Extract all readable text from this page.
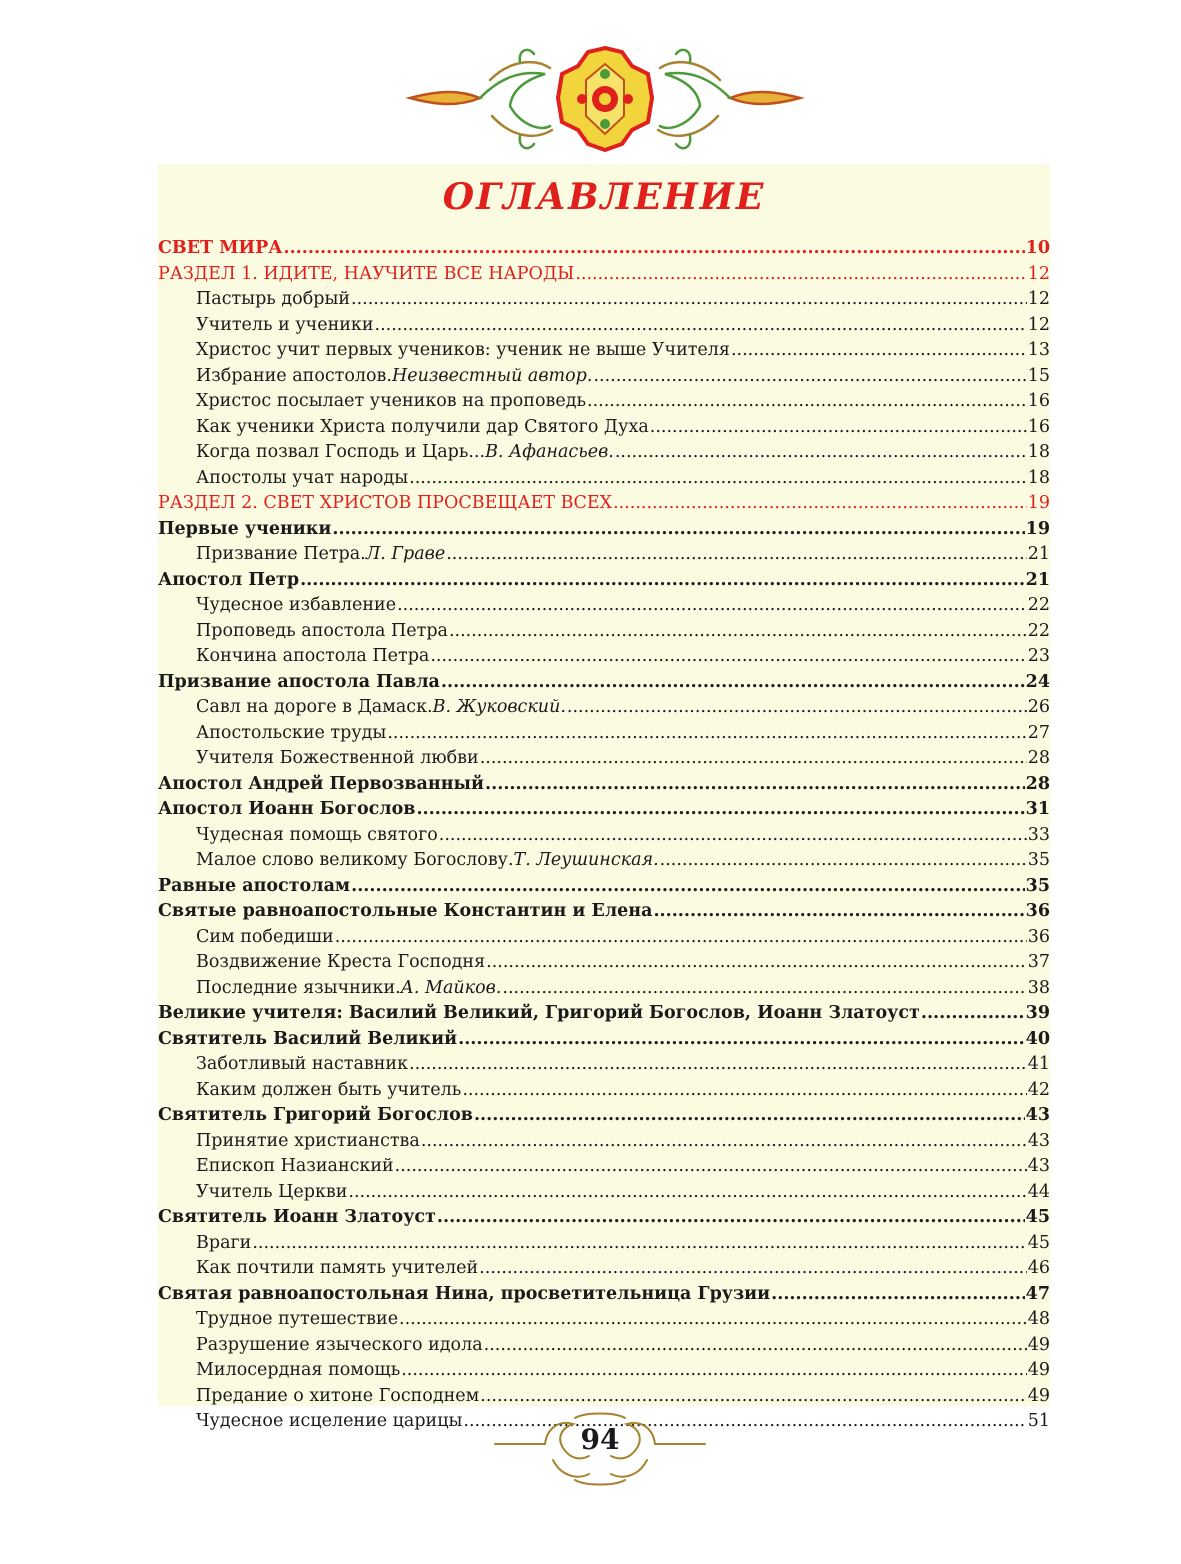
ОГЛАВЛЕНИЕ
СВЕТ МИРА .....	10
РАЗДЕЛ 1. ИДИТЕ, НАУЧИТЕ ВСЕ НАРОДЫ .....	12
Пастырь добрый .....	12
Учитель и ученики .....	12
Христос учит первых учеников: ученик не выше Учителя .....	13
Избрание апостолов. Неизвестный автор. .....	15
Христос посылает учеников на проповедь .....	16
Как ученики Христа получили дар Святого Духа .....	16
Когда позвал Господь и Царь... В. Афанасьев. .....	18
Апостолы учат народы .....	18
РАЗДЕЛ 2. СВЕТ ХРИСТОВ ПРОСВЕЩАЕТ ВСЕХ .....	19
Первые ученики .....	19
Призвание Петра. Л. Граве .....	21
Апостол Петр .....	21
Чудесное избавление .....	22
Проповедь апостола Петра .....	22
Кончина апостола Петра .....	23
Призвание апостола Павла .....	24
Савл на дороге в Дамаск. В. Жуковский. .....	26
Апостольские труды .....	27
Учителя Божественной любви .....	28
Апостол Андрей Первозванный .....	28
Апостол Иоанн Богослов .....	31
Чудесная помощь святого .....	33
Малое слово великому Богослову. Т. Леушинская. .....	35
Равные апостолам .....	35
Святые равноапостольные Константин и Елена .....	36
Сим победиши .....	36
Воздвижение Креста Господня .....	37
Последние язычники. А. Майков. .....	38
Великие учителя: Василий Великий, Григорий Богослов, Иоанн Златоуст .....	39
Святитель Василий Великий .....	40
Заботливый наставник .....	41
Каким должен быть учитель .....	42
Святитель Григорий Богослов .....	43
Принятие христианства .....	43
Епископ Назианский .....	43
Учитель Церкви .....	44
Святитель Иоанн Златоуст .....	45
Враги .....	45
Как почтили память учителей .....	46
Святая равноапостольная Нина, просветительница Грузии .....	47
Трудное путешествие .....	48
Разрушение языческого идола .....	49
Милосердная помощь .....	49
Предание о хитоне Господнем .....	49
Чудесное исцеление царицы .....	51
94
